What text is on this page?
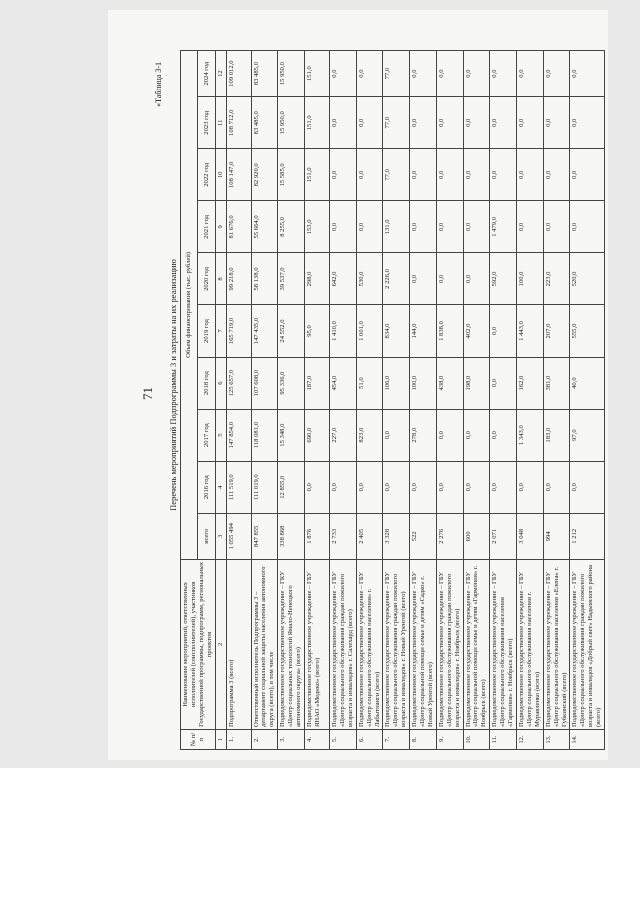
71
«Таблица 3-1
Перечень мероприятий Подпрограммы 3 и затраты на их реализацию
№ п/п	Наименование мероприятий, ответственных исполнителей (соисполнителей), участников Государственной программы, подпрограмм, региональных проектов	Объем финансирования (тыс. рублей)									
		всего	2016 год	2017 год	2018 год	2019 год	2020 год	2021 год	2022 год	2023 год	2024 год
1	2	3	4	5	6	7	8	9	10	11	12
1.	Подпрограмма 3 (всего)	1 055 494	111 519,0	147 854,0	125 657,0	165 719,0	99 218,0	81 676,0	108 147,0	108 712,0	109 012,0
2.	Ответственный исполнитель Подпрограммы 3 – департамент социальной защиты населения автономного округа (всего), в том числе	847 855	111 019,0	118 081,0	107 608,0	147 435,0	58 138,0	55 664,0	82 920,0	83 485,0	83 485,0
3.	Подведомственное государственное учреждение – ГКУ «Центр социальных технологий Ямало-Ненецкого автономного округа» (всего)	338 868	12 855,0	15 348,0	95 336,0	24 552,0	39 537,0	8 255,0	15 585,0	15 950,0	15 950,0
4.	Подведомственное государственное учреждение – ГБУ ЯНАО «Медико» (всего)	1 876	0,0	690,0	187,0	95,0	298,0	153,0	151,0	151,0	151,0
5.	Подведомственное государственное учреждение – ГБУ «Центр социального обслуживания граждан пожилого возраста и инвалидов» г. Салехард (всего)	2 733	0,0	227,0	454,0	1 410,0	642,0	0,0	0,0	0,0	0,0
6.	Подведомственное государственное учреждение – ГБУ «Центр социального обслуживания населения» г. Лабытнанги (всего)	2 405	0,0	823,0	51,0	1 001,0	530,0	0,0	0,0	0,0	0,0
7.	Подведомственное государственное учреждение – ГБУ «Центр социального обслуживания граждан пожилого возраста и инвалидов» г. Новый Уренгой (всего)	3 328	0,0	0,0	106,0	834,0	2 226,0	131,0	77,0	77,0	77,0
8.	Подведомственное государственное учреждение – ГБУ «Центр социальной помощи семье и детям «Садко» г. Новый Уренгой (всего)	522	0,0	278,0	100,0	144,0	0,0	0,0	0,0	0,0	0,0
9.	Подведомственное государственное учреждение – ГБУ «Центр социального обслуживания граждан пожилого возраста и инвалидов» г. Ноябрьск (всего)	2 276	0,0	0,0	438,0	1 838,0	0,0	0,0	0,0	0,0	0,0
10.	Подведомственное государственное учреждение – ГБУ «Центр социальной помощи семье и детям «Гармония» г. Ноябрьск (всего)	600	0,0	0,0	198,0	402,0	0,0	0,0	0,0	0,0	0,0
11.	Подведомственное государственное учреждение – ГБУ «Центр социального обслуживания населения «Гармония» г. Ноябрьск (всего)	2 071	0,0	0,0	0,0	0,0	592,0	1 479,0	0,0	0,0	0,0
12.	Подведомственное государственное учреждение – ГБУ «Центр социального обслуживания населения г. Муравленко (всего)	3 048	0,0	1 343,0	162,0	1 443,0	100,0	0,0	0,0	0,0	0,0
13.	Подведомственное государственное учреждение – ГБУ «Центр социального обслуживания населения «Елена» г. Губкинский (всего)	994	0,0	183,0	381,0	207,0	223,0	0,0	0,0	0,0	0,0
14.	Подведомственное государственное учреждение – ГБУ «Центр социального обслуживания граждан пожилого возраста и инвалидов «Добрый свет» Надымского района (всего)	1 212	0,0	97,0	40,0	555,0	520,0	0,0	0,0	0,0	0,0
